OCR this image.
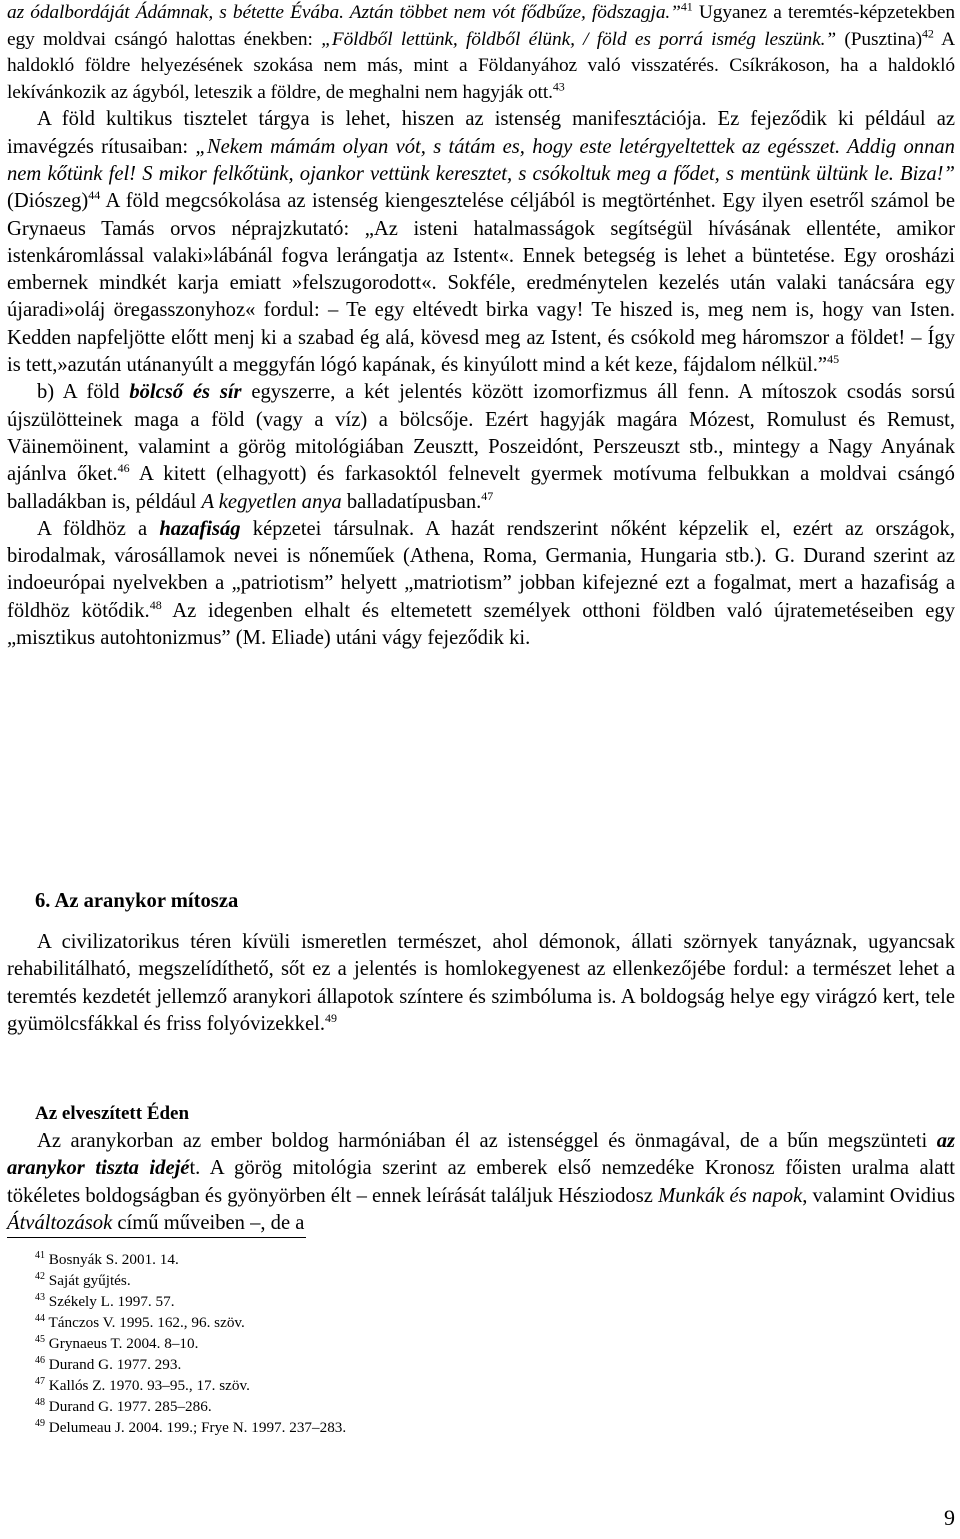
az ódalbordáját Ádámnak, s bétette Évába. Aztán többet nem vót fődbűze, födszagja.”$^{41}$ Ugyanez a teremtés-képzetekben egy moldvai csángó halottas énekben: „Földből lettünk, földből élünk, / föld es porrá ismég leszünk.” (Pusztina)$^{42}$ A haldokló földre helyezésének szokása nem más, mint a Földanyához való visszatérés. Csíkrákoson, ha a haldokló lekívánkozik az ágyból, leteszik a földre, de meghalni nem hagyják ott.$^{43}$

A föld kultikus tisztelet tárgya is lehet, hiszen az istenség manifesztációja. Ez fejeződik ki például az imavégzés rítusaiban: „Nekem mámám olyan vót, s tátám es, hogy este letérgyeltettek az egésszet. Addig onnan nem kőtünk fel! S mikor felkőtünk, ojankor vettünk keresztet, s csókoltuk meg a fődet, s mentünk ültünk le. Biza!” (Diószeg)$^{44}$ A föld megcsókolása az istenség kiengesztelése céljából is megtörténhet. Egy ilyen esetről számol be Grynaeus Tamás orvos néprajzkutató: „Az isteni hatalmasságok segítségül hívásának ellentéte, amikor istenkáromlással valaki»lábánál fogva lerángatja az Istent«. Ennek betegség is lehet a büntetése. Egy orosházi embernek mindkét karja emiatt »felszugorodott«. Sokféle, eredménytelen kezelés után valaki tanácsára egy újaradi»oláj öregasszonyhoz« fordul: – Te egy eltévedt birka vagy! Te hiszed is, meg nem is, hogy van Isten. Kedden napfeljötte előtt menj ki a szabad ég alá, kövesd meg az Istent, és csókold meg háromszor a földet! – Így is tett,»azután utánanyúlt a meggyfán lógó kapának, és kinyúlott mind a két keze, fájdalom nélkül.”$^{45}$

b) A föld bölcső és sír egyszerre, a két jelentés között izomorfizmus áll fenn. A mítoszok csodás sorsú újszülötteinek maga a föld (vagy a víz) a bölcsője. Ezért hagyják magára Mózest, Romulust és Remust, Väinemöinent, valamint a görög mitológiában Zeusztt, Poszeidónt, Perszeuszt stb., mintegy a Nagy Anyának ajánlva őket.$^{46}$ A kitett (elhagyott) és farkasoktól felnevelt gyermek motívuma felbukkan a moldvai csángó balladákban is, például A kegyetlen anya balladatípusban.$^{47}$

A földhöz a hazafiság képzetei társulnak. A hazát rendszerint nőként képzelik el, ezért az országok, birodalmak, városállamok nevei is nőneműek (Athena, Roma, Germania, Hungaria stb.). G. Durand szerint az indoeurópai nyelvekben a „patriotism” helyett „matriotism” jobban kifejezné ezt a fogalmat, mert a hazafiság a földhöz kötődik.$^{48}$ Az idegenben elhalt és eltemetett személyek otthoni földben való újratemetéseiben egy „misztikus autohtonizmus” (M. Eliade) utáni vágy fejeződik ki.

6. Az aranykor mítosza

A civilizatorikus téren kívüli ismeretlen természet, ahol démonok, állati szörnyek tanyáznak, ugyancsak rehabilitálható, megszelídíthető, sőt ez a jelentés is homlokegyenest az ellenkezőjébe fordul: a természet lehet a teremtés kezdetét jellemző aranykori állapotok színtere és szimbóluma is. A boldogság helye egy virágzó kert, tele gyümölcsfákkal és friss folyóvizekkel.$^{49}$

Az elveszített Éden

Az aranykorban az ember boldog harmóniában él az istenséggel és önmagával, de a bűn megszünteti az aranykor tiszta idejét. A görög mitológia szerint az emberek első nemzedéke Kronosz főisten uralma alatt tökéletes boldogságban és gyönyörben élt – ennek leírását találjuk Hésziodosz Munkák és napok, valamint Ovidius Átváltozások című műveiben –, de a

$^{41}$ Bosnyák S. 2001. 14.
$^{42}$ Saját gyűjtés.
$^{43}$ Székely L. 1997. 57.
$^{44}$ Tánczos V. 1995. 162., 96. szöv.
$^{45}$ Grynaeus T. 2004. 8–10.
$^{46}$ Durand G. 1977. 293.
$^{47}$ Kallós Z. 1970. 93–95., 17. szöv.
$^{48}$ Durand G. 1977. 285–286.
$^{49}$ Delumeau J. 2004. 199.; Frye N. 1997. 237–283.
9
